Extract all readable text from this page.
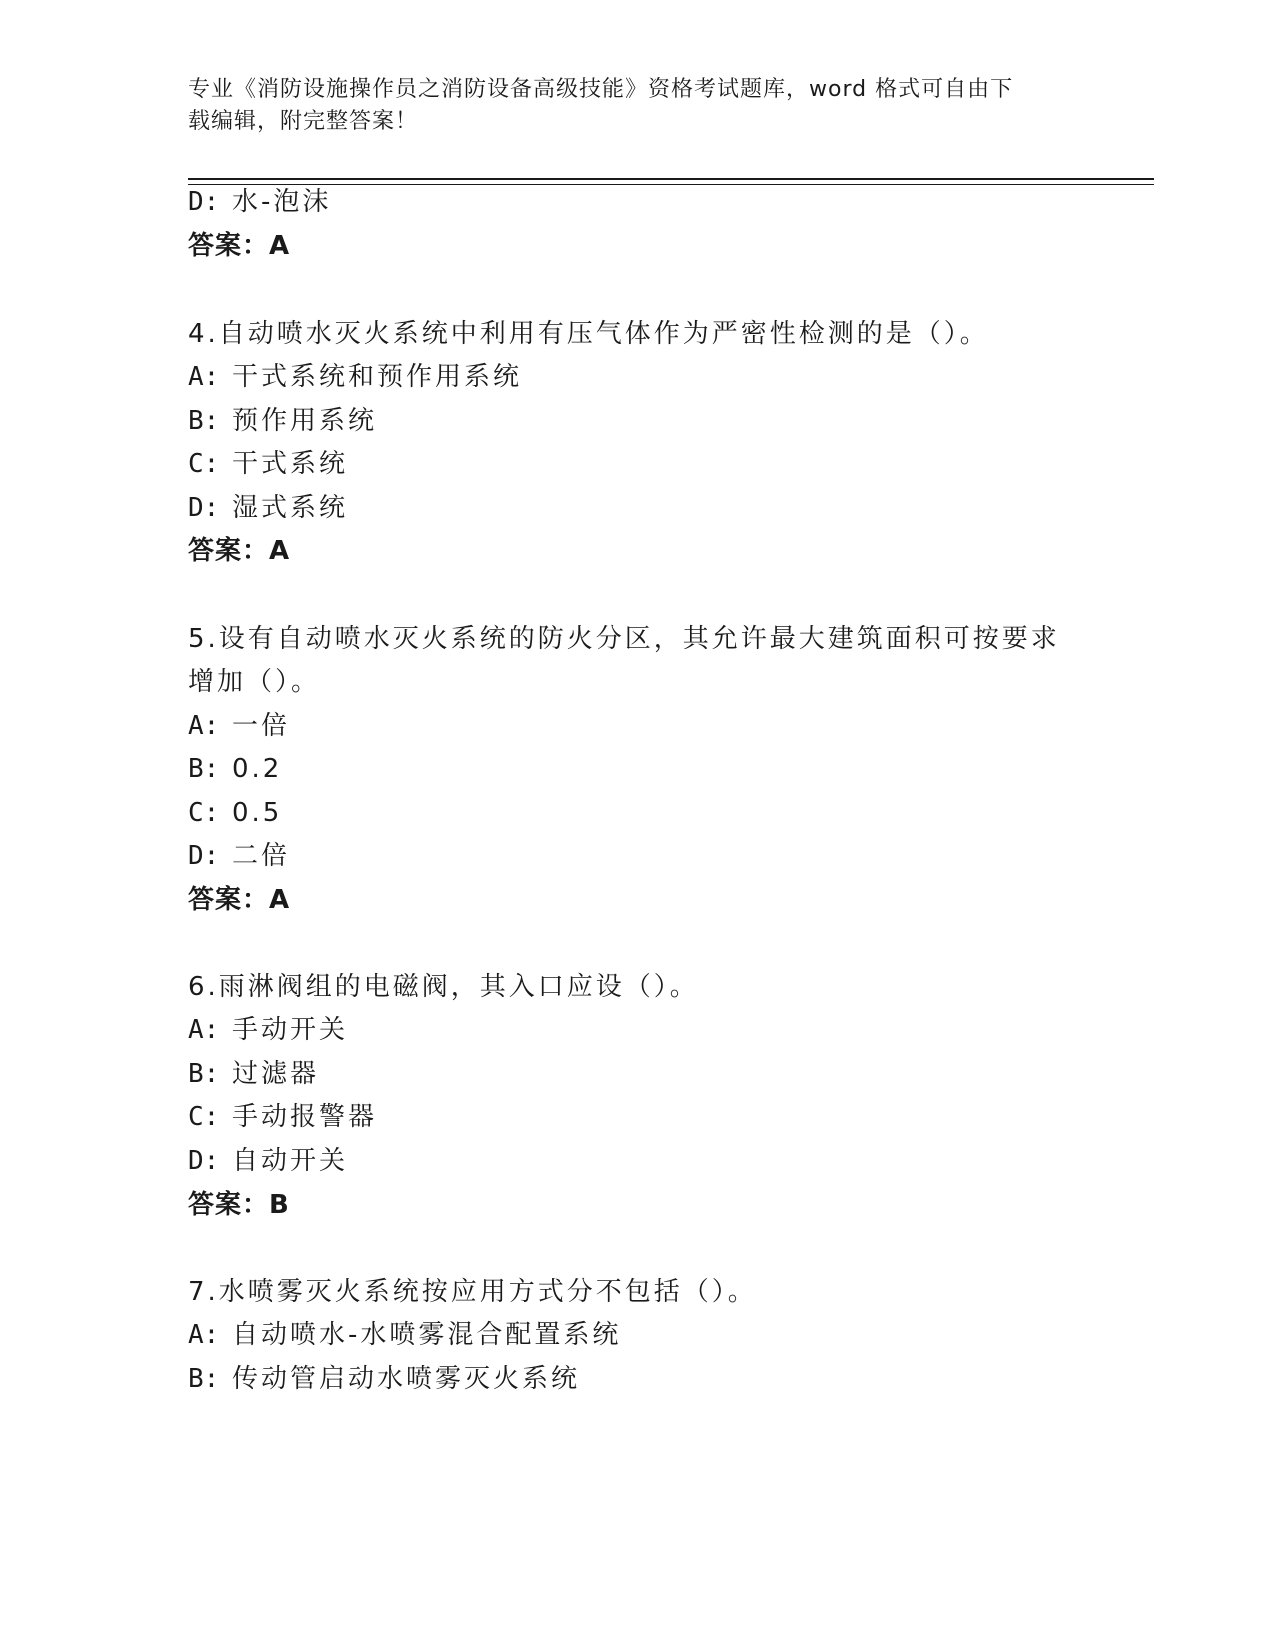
专业《消防设施操作员之消防设备高级技能》资格考试题库，word 格式可自由下
载编辑，附完整答案！
D: 水-泡沫
答案：A
4.自动喷水灭火系统中利用有压气体作为严密性检测的是（）。
A: 干式系统和预作用系统
B: 预作用系统
C: 干式系统
D: 湿式系统
答案：A
5.设有自动喷水灭火系统的防火分区，其允许最大建筑面积可按要求
增加（）。
A: 一倍
B: 0.2
C: 0.5
D: 二倍
答案：A
6.雨淋阀组的电磁阀，其入口应设（）。
A: 手动开关
B: 过滤器
C: 手动报警器
D: 自动开关
答案：B
7.水喷雾灭火系统按应用方式分不包括（）。
A: 自动喷水-水喷雾混合配置系统
B: 传动管启动水喷雾灭火系统
